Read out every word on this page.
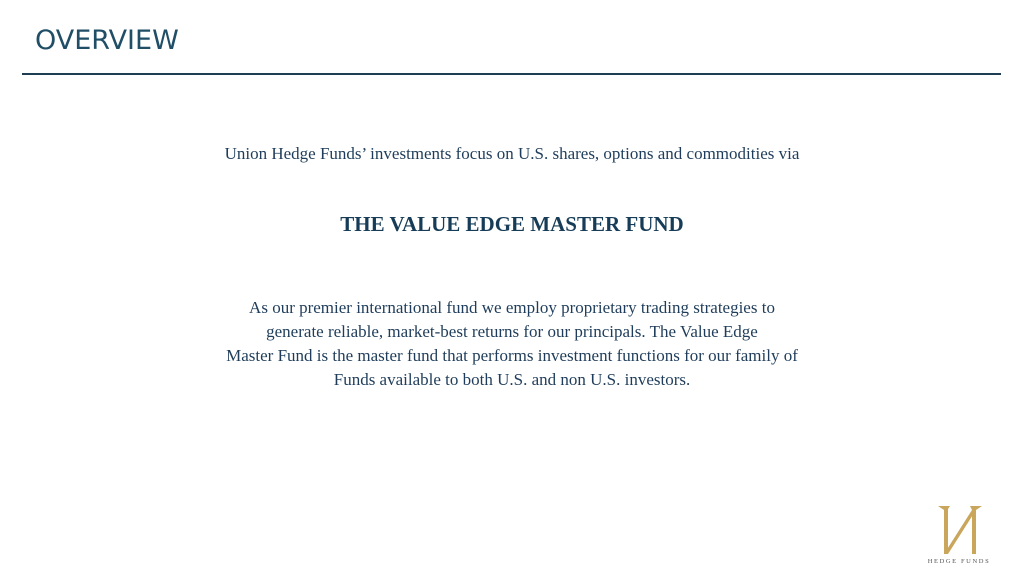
OVERVIEW
Union Hedge Funds’ investments focus on U.S. shares, options and commodities via
THE VALUE EDGE MASTER FUND
As our premier international fund we employ proprietary trading strategies to
generate reliable, market-best returns for our principals. The Value Edge
Master Fund is the master fund that performs investment functions for our family of
Funds available to both U.S. and non U.S. investors.
HEDGE FUNDS
